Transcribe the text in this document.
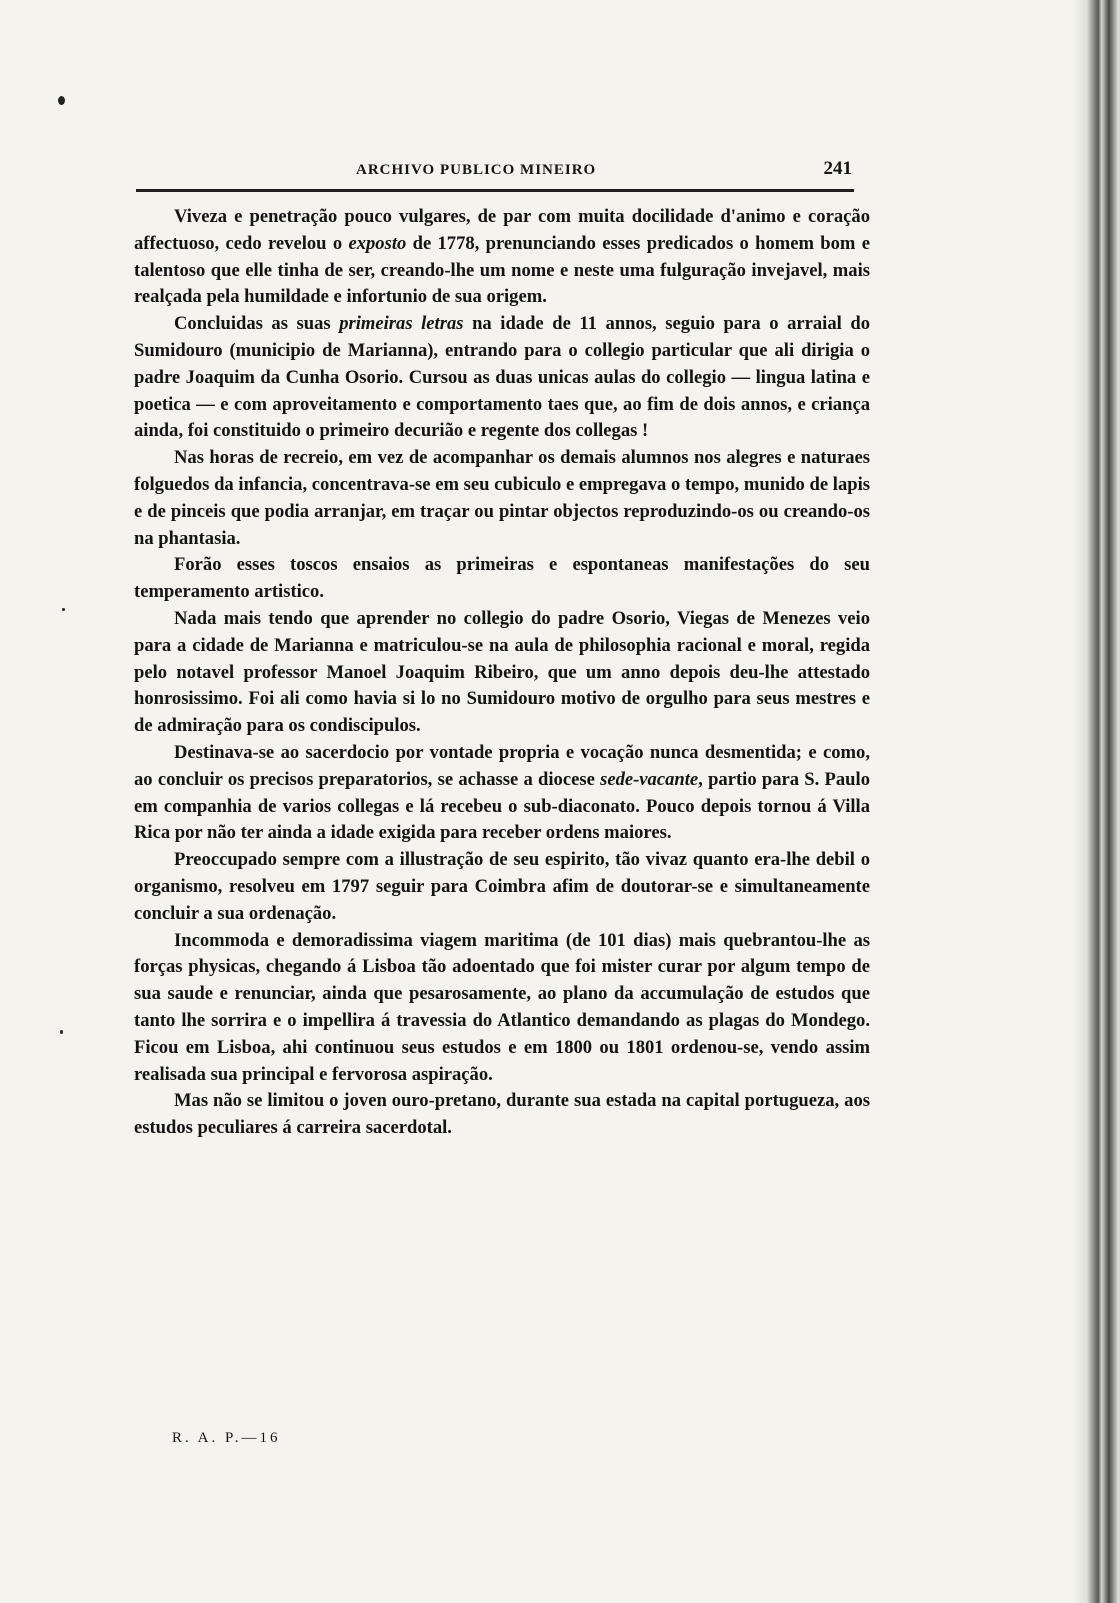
ARCHIVO PUBLICO MINEIRO	241

Viveza e penetração pouco vulgares, de par com muita docilidade d'animo e coração affectuoso, cedo revelou o exposto de 1778, prenunciando esses predicados o homem bom e talentoso que elle tinha de ser, creando-lhe um nome e neste uma fulguração invejavel, mais realçada pela humildade e infortunio de sua origem.

Concluidas as suas primeiras letras na idade de 11 annos, seguio para o arraial do Sumidouro (municipio de Marianna), entrando para o collegio particular que ali dirigia o padre Joaquim da Cunha Osorio. Cursou as duas unicas aulas do collegio — lingua latina e poetica — e com aproveitamento e comportamento taes que, ao fim de dois annos, e criança ainda, foi constituido o primeiro decurião e regente dos collegas !

Nas horas de recreio, em vez de acompanhar os demais alumnos nos alegres e naturaes folguedos da infancia, concentrava-se em seu cubiculo e empregava o tempo, munido de lapis e de pinceis que podia arranjar, em traçar ou pintar objectos reproduzindo-os ou creando-os na phantasia.

Forão esses toscos ensaios as primeiras e espontaneas manifestações do seu temperamento artistico.

Nada mais tendo que aprender no collegio do padre Osorio, Viegas de Menezes veio para a cidade de Marianna e matriculou-se na aula de philosophia racional e moral, regida pelo notavel professor Manoel Joaquim Ribeiro, que um anno depois deu-lhe attestado honrosissimo. Foi ali como havia si lo no Sumidouro motivo de orgulho para seus mestres e de admiração para os condiscipulos.

Destinava-se ao sacerdocio por vontade propria e vocação nunca desmentida; e como, ao concluir os precisos preparatorios, se achasse a diocese sede-vacante, partio para S. Paulo em companhia de varios collegas e lá recebeu o sub-diaconato. Pouco depois tornou á Villa Rica por não ter ainda a idade exigida para receber ordens maiores.

Preoccupado sempre com a illustração de seu espirito, tão vivaz quanto era-lhe debil o organismo, resolveu em 1797 seguir para Coimbra afim de doutorar-se e simultaneamente concluir a sua ordenação.

Incommoda e demoradissima viagem maritima (de 101 dias) mais quebrantou-lhe as forças physicas, chegando á Lisboa tão adoentado que foi mister curar por algum tempo de sua saude e renunciar, ainda que pesarosamente, ao plano da accumulação de estudos que tanto lhe sorrira e o impellira á travessia do Atlantico demandando as plagas do Mondego. Ficou em Lisboa, ahi continuou seus estudos e em 1800 ou 1801 ordenou-se, vendo assim realisada sua principal e fervorosa aspiração.

Mas não se limitou o joven ouro-pretano, durante sua estada na capital portugueza, aos estudos peculiares á carreira sacerdotal.

R. A. P.—16
